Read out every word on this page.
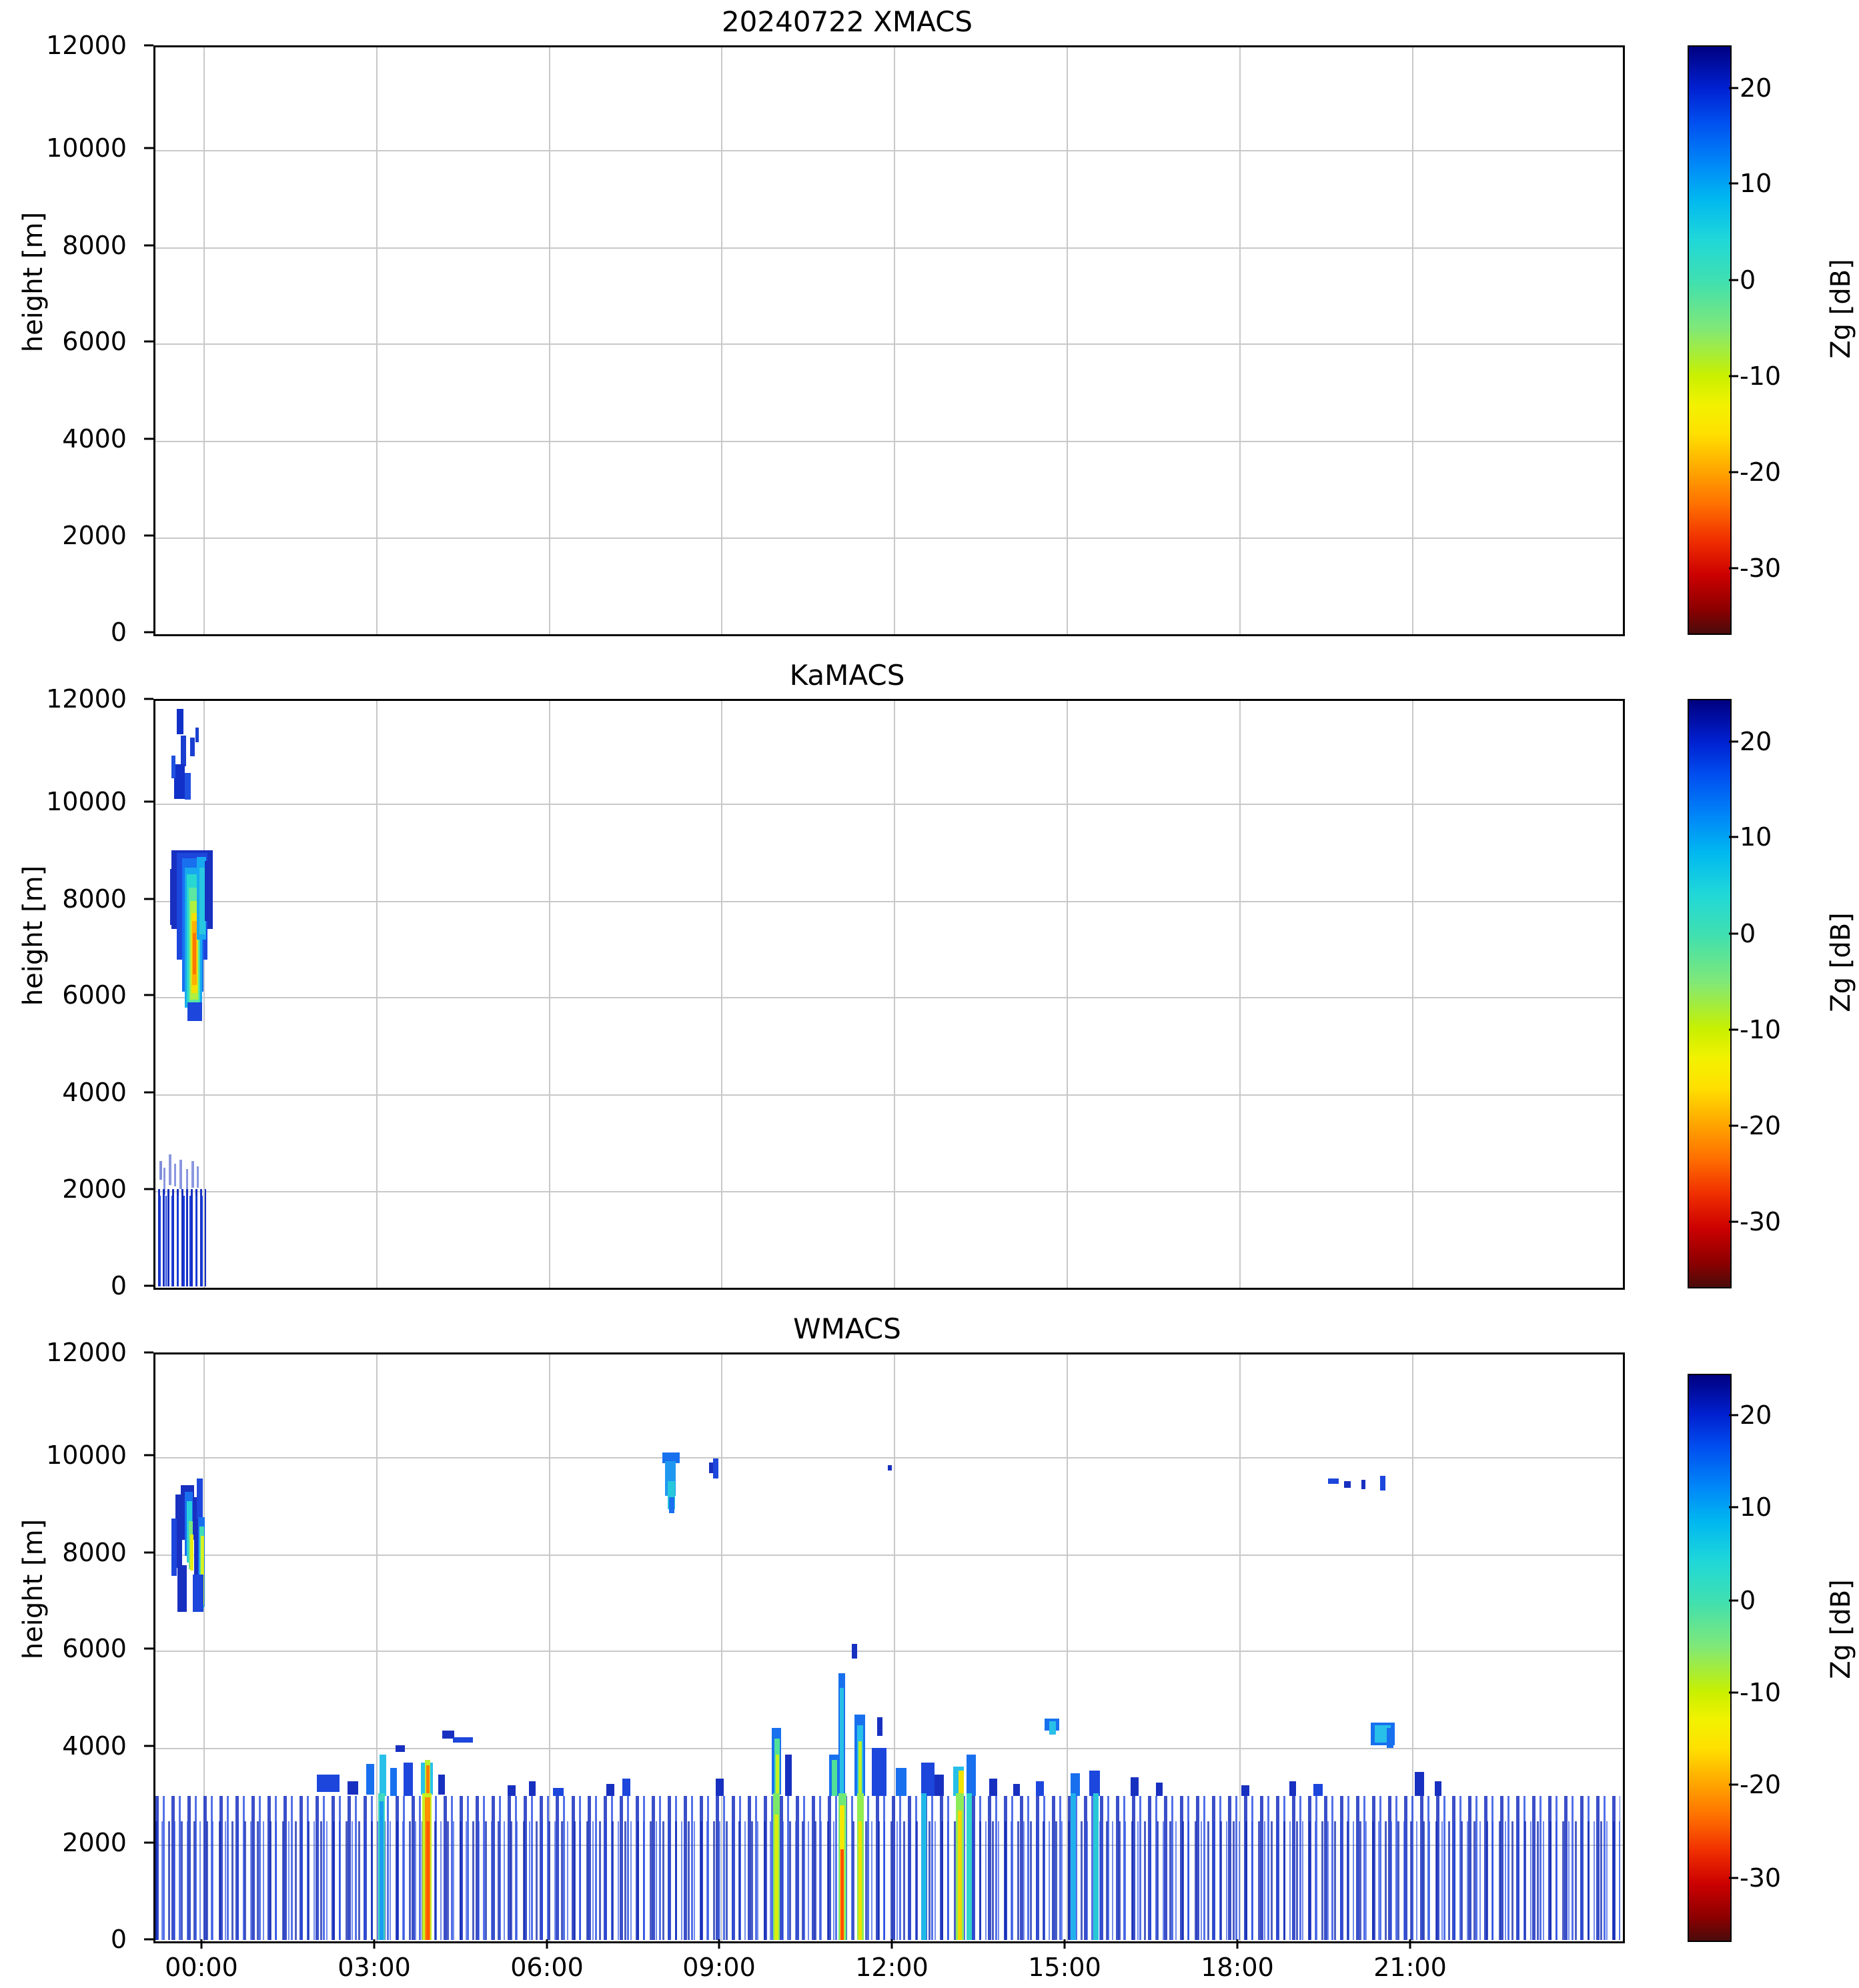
20240722 XMACS
height [m]
12000
10000
8000
6000
4000
2000
0
20
10
0
-10
-20
-30
Zg [dB]
KaMACS
height [m]
12000
10000
8000
6000
4000
2000
0
20
10
0
-10
-20
-30
Zg [dB]
WMACS
height [m]
12000
10000
8000
6000
4000
2000
0
00:00	03:00	06:00	09:00	12:00	15:00	18:00	21:00
20
10
0
-10
-20
-30
Zg [dB]
